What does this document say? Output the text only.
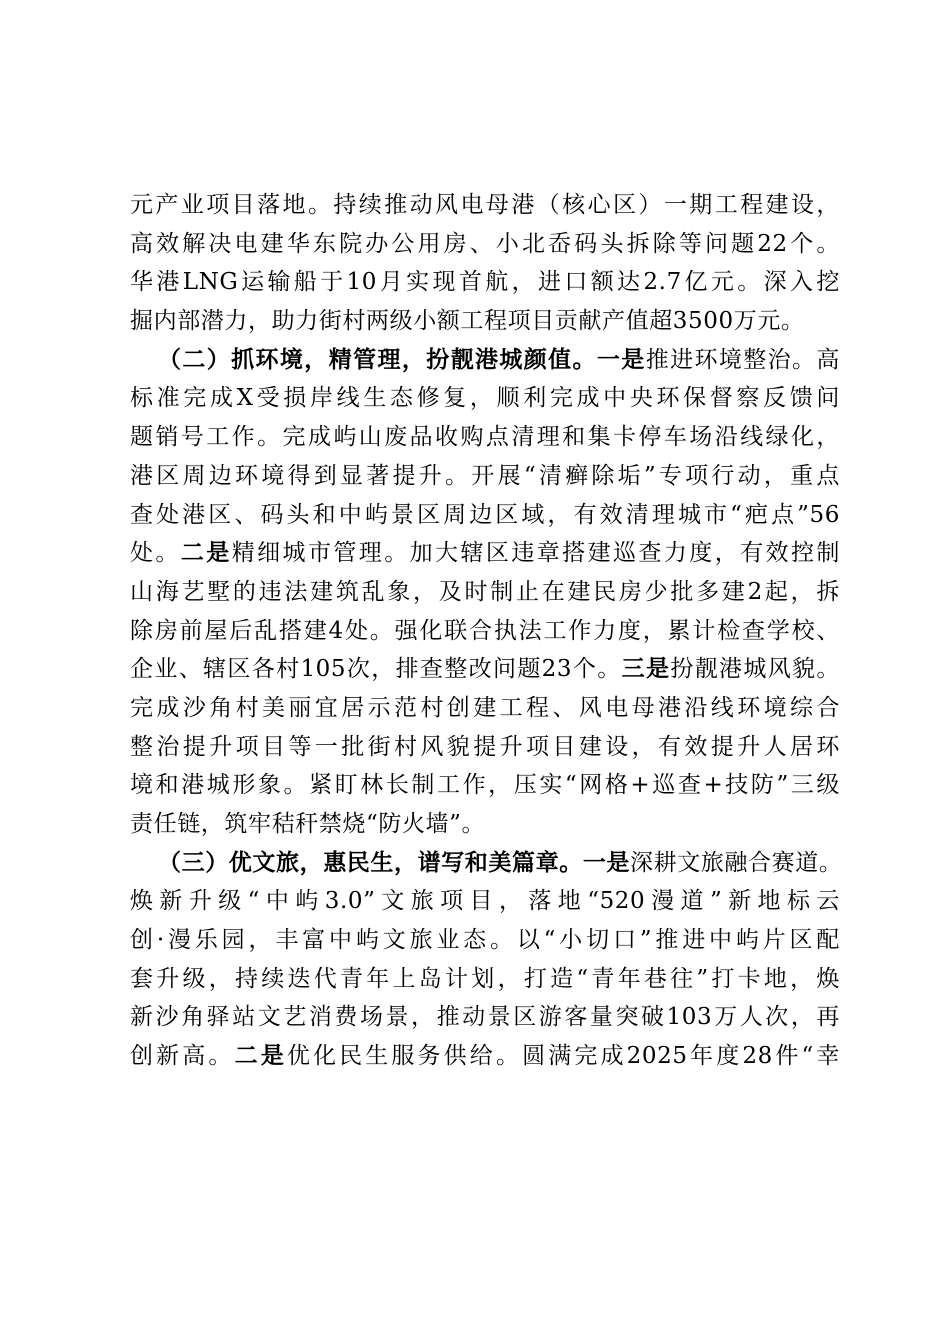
元产业项目落地。持续推动风电母港（核心区）一期工程建设，
高效解决电建华东院办公用房、小北岙码头拆除等问题22个。
华港LNG运输船于10月实现首航，进口额达2.7亿元。深入挖
掘内部潜力，助力街村两级小额工程项目贡献产值超3500万元。
（二）抓环境，精管理，扮靓港城颜值。一是推进环境整治。高
标准完成X受损岸线生态修复，顺利完成中央环保督察反馈问
题销号工作。完成屿山废品收购点清理和集卡停车场沿线绿化，
港区周边环境得到显著提升。开展“清癣除垢”专项行动，重点
查处港区、码头和中屿景区周边区域，有效清理城市“疤点”56
处。二是精细城市管理。加大辖区违章搭建巡查力度，有效控制
山海艺墅的违法建筑乱象，及时制止在建民房少批多建2起，拆
除房前屋后乱搭建4处。强化联合执法工作力度，累计检查学校、
企业、辖区各村105次，排查整改问题23个。三是扮靓港城风貌。
完成沙角村美丽宜居示范村创建工程、风电母港沿线环境综合
整治提升项目等一批街村风貌提升项目建设，有效提升人居环
境和港城形象。紧盯林长制工作，压实“网格+巡查+技防”三级
责任链，筑牢秸秆禁烧“防火墙”。
（三）优文旅，惠民生，谱写和美篇章。一是深耕文旅融合赛道。
焕新升级“中屿3.0”文旅项目，落地“520漫道”新地标云
创·漫乐园，丰富中屿文旅业态。以“小切口”推进中屿片区配
套升级，持续迭代青年上岛计划，打造“青年巷往”打卡地，焕
新沙角驿站文艺消费场景，推动景区游客量突破103万人次，再
创新高。二是优化民生服务供给。圆满完成2025年度28件“幸
